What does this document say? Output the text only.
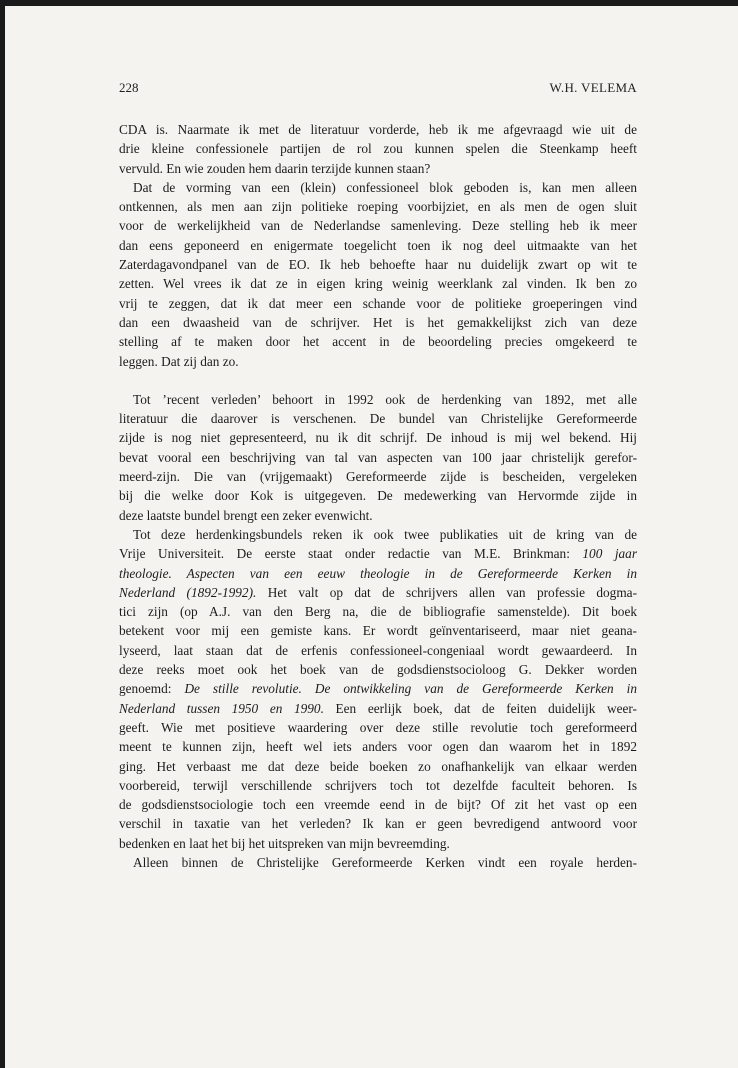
228	W.H. VELEMA
CDA is. Naarmate ik met de literatuur vorderde, heb ik me afgevraagd wie uit de
drie kleine confessionele partijen de rol zou kunnen spelen die Steenkamp heeft
vervuld. En wie zouden hem daarin terzijde kunnen staan?
Dat de vorming van een (klein) confessioneel blok geboden is, kan men alleen
ontkennen, als men aan zijn politieke roeping voorbijziet, en als men de ogen sluit
voor de werkelijkheid van de Nederlandse samenleving. Deze stelling heb ik meer
dan eens geponeerd en enigermate toegelicht toen ik nog deel uitmaakte van het
Zaterdagavondpanel van de EO. Ik heb behoefte haar nu duidelijk zwart op wit te
zetten. Wel vrees ik dat ze in eigen kring weinig weerklank zal vinden. Ik ben zo
vrij te zeggen, dat ik dat meer een schande voor de politieke groeperingen vind
dan een dwaasheid van de schrijver. Het is het gemakkelijkst zich van deze
stelling af te maken door het accent in de beoordeling precies omgekeerd te
leggen. Dat zij dan zo.
Tot ’recent verleden’ behoort in 1992 ook de herdenking van 1892, met alle
literatuur die daarover is verschenen. De bundel van Christelijke Gereformeerde
zijde is nog niet gepresenteerd, nu ik dit schrijf. De inhoud is mij wel bekend. Hij
bevat vooral een beschrijving van tal van aspecten van 100 jaar christelijk gerefor-
meerd-zijn. Die van (vrijgemaakt) Gereformeerde zijde is bescheiden, vergeleken
bij die welke door Kok is uitgegeven. De medewerking van Hervormde zijde in
deze laatste bundel brengt een zeker evenwicht.
Tot deze herdenkingsbundels reken ik ook twee publikaties uit de kring van de
Vrije Universiteit. De eerste staat onder redactie van M.E. Brinkman: 100 jaar
theologie. Aspecten van een eeuw theologie in de Gereformeerde Kerken in
Nederland (1892-1992). Het valt op dat de schrijvers allen van professie dogma-
tici zijn (op A.J. van den Berg na, die de bibliografie samenstelde). Dit boek
betekent voor mij een gemiste kans. Er wordt geïnventariseerd, maar niet geana-
lyseerd, laat staan dat de erfenis confessioneel-congeniaal wordt gewaardeerd. In
deze reeks moet ook het boek van de godsdienstsocioloog G. Dekker worden
genoemd: De stille revolutie. De ontwikkeling van de Gereformeerde Kerken in
Nederland tussen 1950 en 1990. Een eerlijk boek, dat de feiten duidelijk weer-
geeft. Wie met positieve waardering over deze stille revolutie toch gereformeerd
meent te kunnen zijn, heeft wel iets anders voor ogen dan waarom het in 1892
ging. Het verbaast me dat deze beide boeken zo onafhankelijk van elkaar werden
voorbereid, terwijl verschillende schrijvers toch tot dezelfde faculteit behoren. Is
de godsdienstsociologie toch een vreemde eend in de bijt? Of zit het vast op een
verschil in taxatie van het verleden? Ik kan er geen bevredigend antwoord voor
bedenken en laat het bij het uitspreken van mijn bevreemding.
Alleen binnen de Christelijke Gereformeerde Kerken vindt een royale herden-
